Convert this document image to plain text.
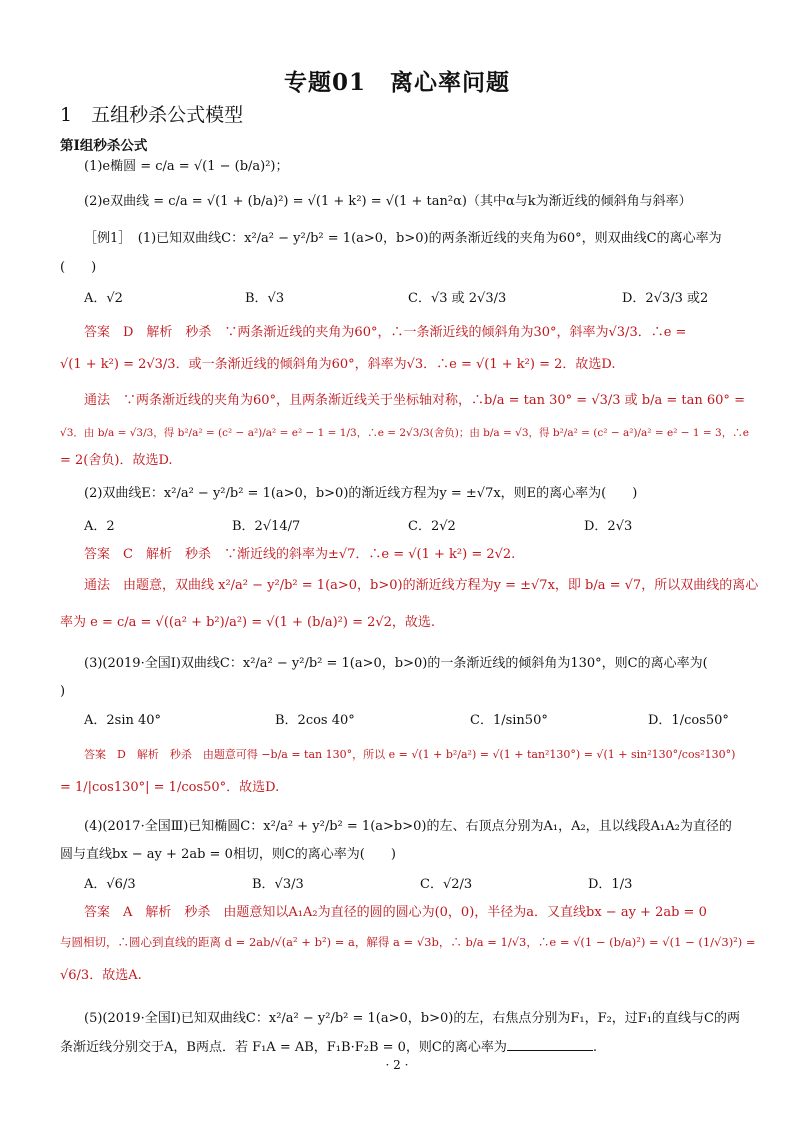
专题01　离心率问题
1　五组秒杀公式模型
第Ⅰ组秒杀公式
(1)e椭圆 = c/a = √(1 − (b/a)²)；
(2)e双曲线 = c/a = √(1 + (b/a)²) = √(1 + k²) = √(1 + tan²α)（其中α与k为渐近线的倾斜角与斜率）
［例1］　(1)已知双曲线C：x²/a² − y²/b² = 1(a>0，b>0)的两条渐近线的夹角为60°，则双曲线C的离心率为
(　　)
A．√2	B．√3	C．√3 或 2√3/3	D．2√3/3 或2
答案　D　解析　秒杀　∵两条渐近线的夹角为60°，∴一条渐近线的倾斜角为30°，斜率为√3/3．∴e =
√(1 + k²) = 2√3/3．或一条渐近线的倾斜角为60°，斜率为√3．∴e = √(1 + k²) = 2．故选D.
通法　∵两条渐近线的夹角为60°，且两条渐近线关于坐标轴对称，∴b/a = tan 30° = √3/3 或 b/a = tan 60° =
√3．由 b/a = √3/3，得 b²/a² = (c² − a²)/a² = e² − 1 = 1/3，∴e = 2√3/3(舍负)；由 b/a = √3，得 b²/a² = (c² − a²)/a² = e² − 1 = 3，∴e
= 2(舍负)．故选D.
(2)双曲线E：x²/a² − y²/b² = 1(a>0，b>0)的渐近线方程为y = ±√7x，则E的离心率为(　　)
A．2	B．2√14/7	C．2√2	D．2√3
答案　C　解析　秒杀　∵渐近线的斜率为±√7．∴e = √(1 + k²) = 2√2.
通法　由题意，双曲线 x²/a² − y²/b² = 1(a>0，b>0)的渐近线方程为y = ±√7x，即 b/a = √7，所以双曲线的离心
率为 e = c/a = √((a² + b²)/a²) = √(1 + (b/a)²) = 2√2，故选.
(3)(2019·全国Ⅰ)双曲线C：x²/a² − y²/b² = 1(a>0，b>0)的一条渐近线的倾斜角为130°，则C的离心率为(
)
A．2sin 40°	B．2cos 40°	C．1/sin50°	D．1/cos50°
答案　D　解析　秒杀　由题意可得 −b/a = tan 130°，所以 e = √(1 + b²/a²) = √(1 + tan²130°) = √(1 + sin²130°/cos²130°)
= 1/|cos130°| = 1/cos50°．故选D.
(4)(2017·全国Ⅲ)已知椭圆C：x²/a² + y²/b² = 1(a>b>0)的左、右顶点分别为A₁，A₂，且以线段A₁A₂为直径的
圆与直线bx − ay + 2ab = 0相切，则C的离心率为(　　)
A．√6/3	B．√3/3	C．√2/3	D．1/3
答案　A　解析　秒杀　由题意知以A₁A₂为直径的圆的圆心为(0，0)，半径为a．又直线bx − ay + 2ab = 0
与圆相切，∴圆心到直线的距离 d = 2ab/√(a² + b²) = a，解得 a = √3b，∴ b/a = 1/√3，∴e = √(1 − (b/a)²) = √(1 − (1/√3)²) =
√6/3．故选A.
(5)(2019·全国Ⅰ)已知双曲线C：x²/a² − y²/b² = 1(a>0，b>0)的左，右焦点分别为F₁，F₂，过F₁的直线与C的两
条渐近线分别交于A，B两点．若 F₁A = AB，F₁B·F₂B = 0，则C的离心率为	.
· 2 ·
